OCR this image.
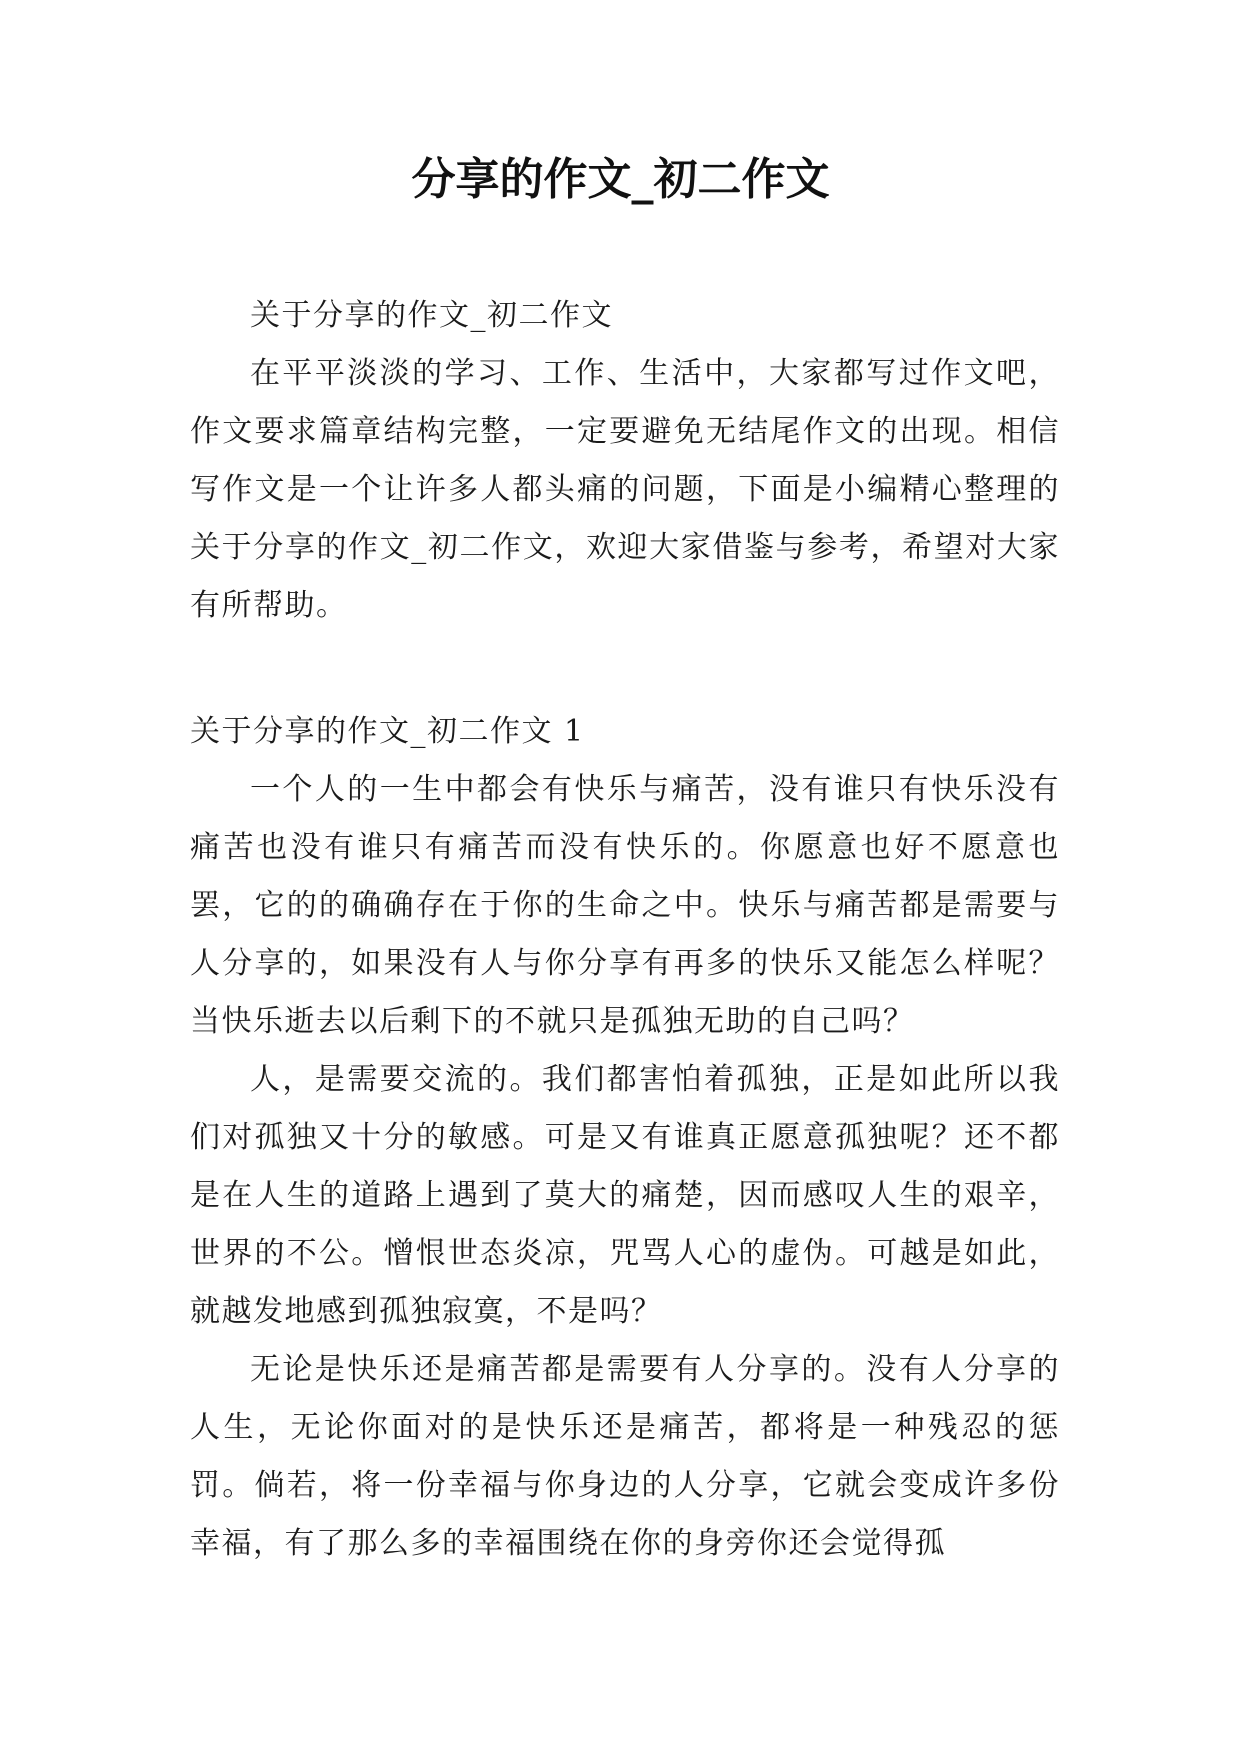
分享的作文_初二作文

关于分享的作文_初二作文

在平平淡淡的学习、工作、生活中，大家都写过作文吧，作文要求篇章结构完整，一定要避免无结尾作文的出现。相信写作文是一个让许多人都头痛的问题，下面是小编精心整理的关于分享的作文_初二作文，欢迎大家借鉴与参考，希望对大家有所帮助。

关于分享的作文_初二作文 1

一个人的一生中都会有快乐与痛苦，没有谁只有快乐没有痛苦也没有谁只有痛苦而没有快乐的。你愿意也好不愿意也罢，它的的确确存在于你的生命之中。快乐与痛苦都是需要与人分享的，如果没有人与你分享有再多的快乐又能怎么样呢？当快乐逝去以后剩下的不就只是孤独无助的自己吗？

人，是需要交流的。我们都害怕着孤独，正是如此所以我们对孤独又十分的敏感。可是又有谁真正愿意孤独呢？还不都是在人生的道路上遇到了莫大的痛楚，因而感叹人生的艰辛，世界的不公。憎恨世态炎凉，咒骂人心的虚伪。可越是如此，就越发地感到孤独寂寞，不是吗？

无论是快乐还是痛苦都是需要有人分享的。没有人分享的人生，无论你面对的是快乐还是痛苦，都将是一种残忍的惩罚。倘若，将一份幸福与你身边的人分享，它就会变成许多份幸福，有了那么多的幸福围绕在你的身旁你还会觉得孤
